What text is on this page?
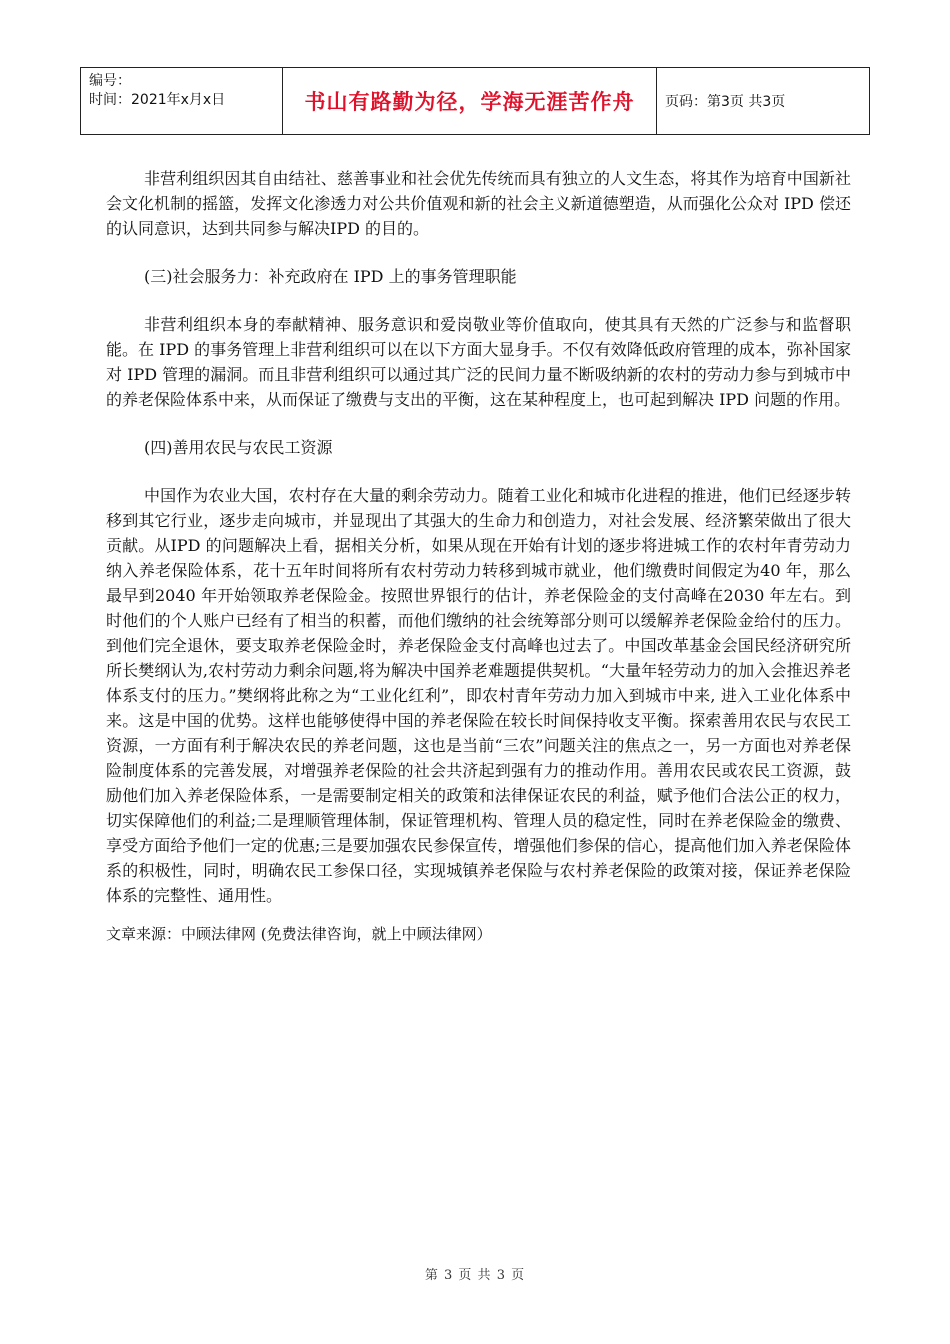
编号：
时间：2021年x月x日	书山有路勤为径，学海无涯苦作舟	页码：第3页 共3页

非营利组织因其自由结社、慈善事业和社会优先传统而具有独立的人文生态，将其作为培育中国新社会文化机制的摇篮，发挥文化渗透力对公共价值观和新的社会主义新道德塑造，从而强化公众对 IPD 偿还的认同意识，达到共同参与解决IPD 的目的。

(三)社会服务力：补充政府在 IPD 上的事务管理职能

非营利组织本身的奉献精神、服务意识和爱岗敬业等价值取向，使其具有天然的广泛参与和监督职能。在 IPD 的事务管理上非营利组织可以在以下方面大显身手。不仅有效降低政府管理的成本，弥补国家对 IPD 管理的漏洞。而且非营利组织可以通过其广泛的民间力量不断吸纳新的农村的劳动力参与到城市中的养老保险体系中来，从而保证了缴费与支出的平衡，这在某种程度上，也可起到解决 IPD 问题的作用。

(四)善用农民与农民工资源

中国作为农业大国，农村存在大量的剩余劳动力。随着工业化和城市化进程的推进，他们已经逐步转移到其它行业，逐步走向城市，并显现出了其强大的生命力和创造力，对社会发展、经济繁荣做出了很大贡献。从IPD 的问题解决上看，据相关分析，如果从现在开始有计划的逐步将进城工作的农村年青劳动力纳入养老保险体系，花十五年时间将所有农村劳动力转移到城市就业，他们缴费时间假定为40 年，那么最早到2040 年开始领取养老保险金。按照世界银行的估计，养老保险金的支付高峰在2030 年左右。到时他们的个人账户已经有了相当的积蓄，而他们缴纳的社会统筹部分则可以缓解养老保险金给付的压力。到他们完全退休，要支取养老保险金时，养老保险金支付高峰也过去了。中国改革基金会国民经济研究所所长樊纲认为,农村劳动力剩余问题,将为解决中国养老难题提供契机。“大量年轻劳动力的加入会推迟养老体系支付的压力。”樊纲将此称之为“工业化红利”，即农村青年劳动力加入到城市中来, 进入工业化体系中来。这是中国的优势。这样也能够使得中国的养老保险在较长时间保持收支平衡。探索善用农民与农民工资源，一方面有利于解决农民的养老问题，这也是当前“三农”问题关注的焦点之一，另一方面也对养老保险制度体系的完善发展，对增强养老保险的社会共济起到强有力的推动作用。善用农民或农民工资源，鼓励他们加入养老保险体系，一是需要制定相关的政策和法律保证农民的利益，赋予他们合法公正的权力，切实保障他们的利益;二是理顺管理体制，保证管理机构、管理人员的稳定性，同时在养老保险金的缴费、享受方面给予他们一定的优惠;三是要加强农民参保宣传，增强他们参保的信心，提高他们加入养老保险体系的积极性，同时，明确农民工参保口径，实现城镇养老保险与农村养老保险的政策对接，保证养老保险体系的完整性、通用性。

文章来源：中顾法律网 (免费法律咨询，就上中顾法律网）

第 3 页 共 3 页
